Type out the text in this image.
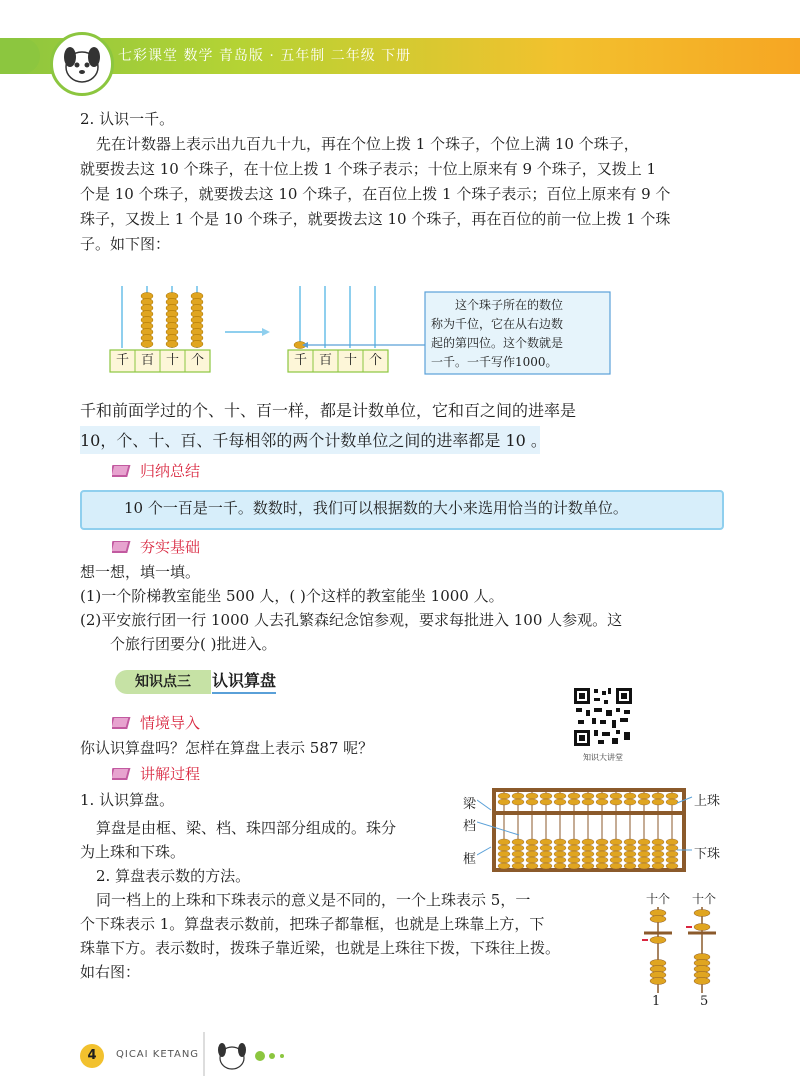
七彩课堂 数学 青岛版 · 五年制 二年级 下册
2. 认识一千。
先在计数器上表示出九百九十九，再在个位上拨 1 个珠子，个位上满 10 个珠子，
就要拨去这 10 个珠子，在十位上拨 1 个珠子表示；十位上原来有 9 个珠子，又拨上 1
个是 10 个珠子，就要拨去这 10 个珠子，在百位上拨 1 个珠子表示；百位上原来有 9 个
珠子，又拨上 1 个是 10 个珠子，就要拨去这 10 个珠子，再在百位的前一位上拨 1 个珠
子。如下图：
千 百 十 个	千 百 十 个
这个珠子所在的数位
称为千位，它在从右边数
起的第四位。这个数就是
一千。一千写作1000。
千和前面学过的个、十、百一样，都是计数单位，它和百之间的进率是
10，个、十、百、千每相邻的两个计数单位之间的进率都是 10 。
归纳总结
10 个一百是一千。数数时，我们可以根据数的大小来选用恰当的计数单位。
夯实基础
想一想，填一填。
(1)一个阶梯教室能坐 500 人，( )个这样的教室能坐 1000 人。
(2)平安旅行团一行 1000 人去孔繁森纪念馆参观，要求每批进入 100 人参观。这
个旅行团要分( )批进入。
知识点三	认识算盘
知识大讲堂
情境导入
你认识算盘吗？怎样在算盘上表示 587 呢？
讲解过程
1. 认识算盘。
算盘是由框、梁、档、珠四部分组成的。珠分
为上珠和下珠。
2. 算盘表示数的方法。
同一档上的上珠和下珠表示的意义是不同的，一个上珠表示 5，一
个下珠表示 1。算盘表示数前，把珠子都靠框，也就是上珠靠上方，下
珠靠下方。表示数时，拨珠子靠近梁，也就是上珠往下拨，下珠往上拨。
如右图：
梁
档
框
上珠
下珠
十个 十个
1	5
4	QICAI KETANG
